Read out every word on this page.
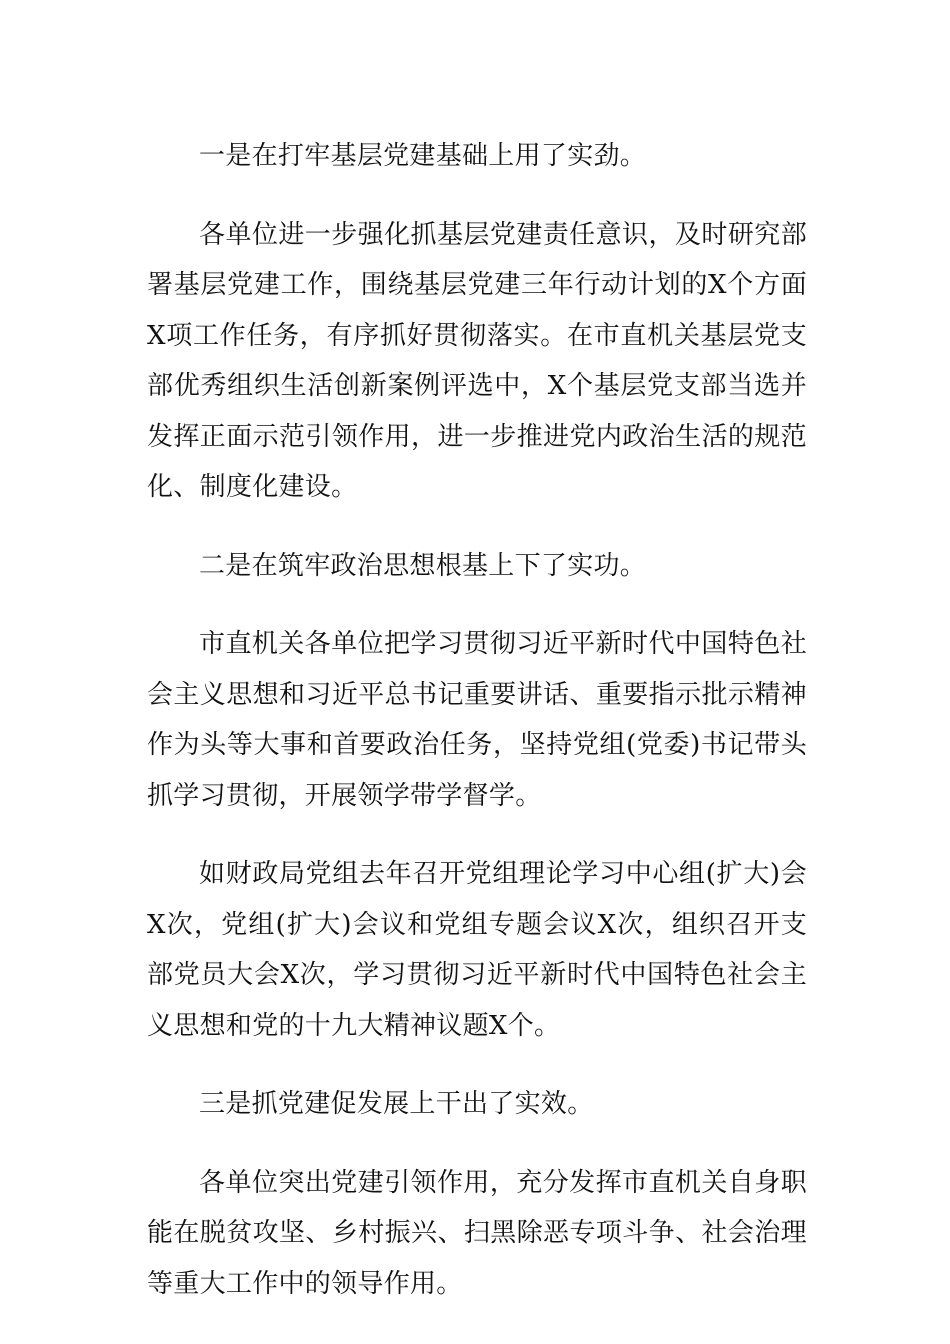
一是在打牢基层党建基础上用了实劲。

各单位进一步强化抓基层党建责任意识，及时研究部署基层党建工作，围绕基层党建三年行动计划的X个方面X项工作任务，有序抓好贯彻落实。在市直机关基层党支部优秀组织生活创新案例评选中，X个基层党支部当选并发挥正面示范引领作用，进一步推进党内政治生活的规范化、制度化建设。

二是在筑牢政治思想根基上下了实功。

市直机关各单位把学习贯彻习近平新时代中国特色社会主义思想和习近平总书记重要讲话、重要指示批示精神作为头等大事和首要政治任务，坚持党组(党委)书记带头抓学习贯彻，开展领学带学督学。

如财政局党组去年召开党组理论学习中心组(扩大)会X次，党组(扩大)会议和党组专题会议X次，组织召开支部党员大会X次，学习贯彻习近平新时代中国特色社会主义思想和党的十九大精神议题X个。

三是抓党建促发展上干出了实效。

各单位突出党建引领作用，充分发挥市直机关自身职能在脱贫攻坚、乡村振兴、扫黑除恶专项斗争、社会治理等重大工作中的领导作用。
